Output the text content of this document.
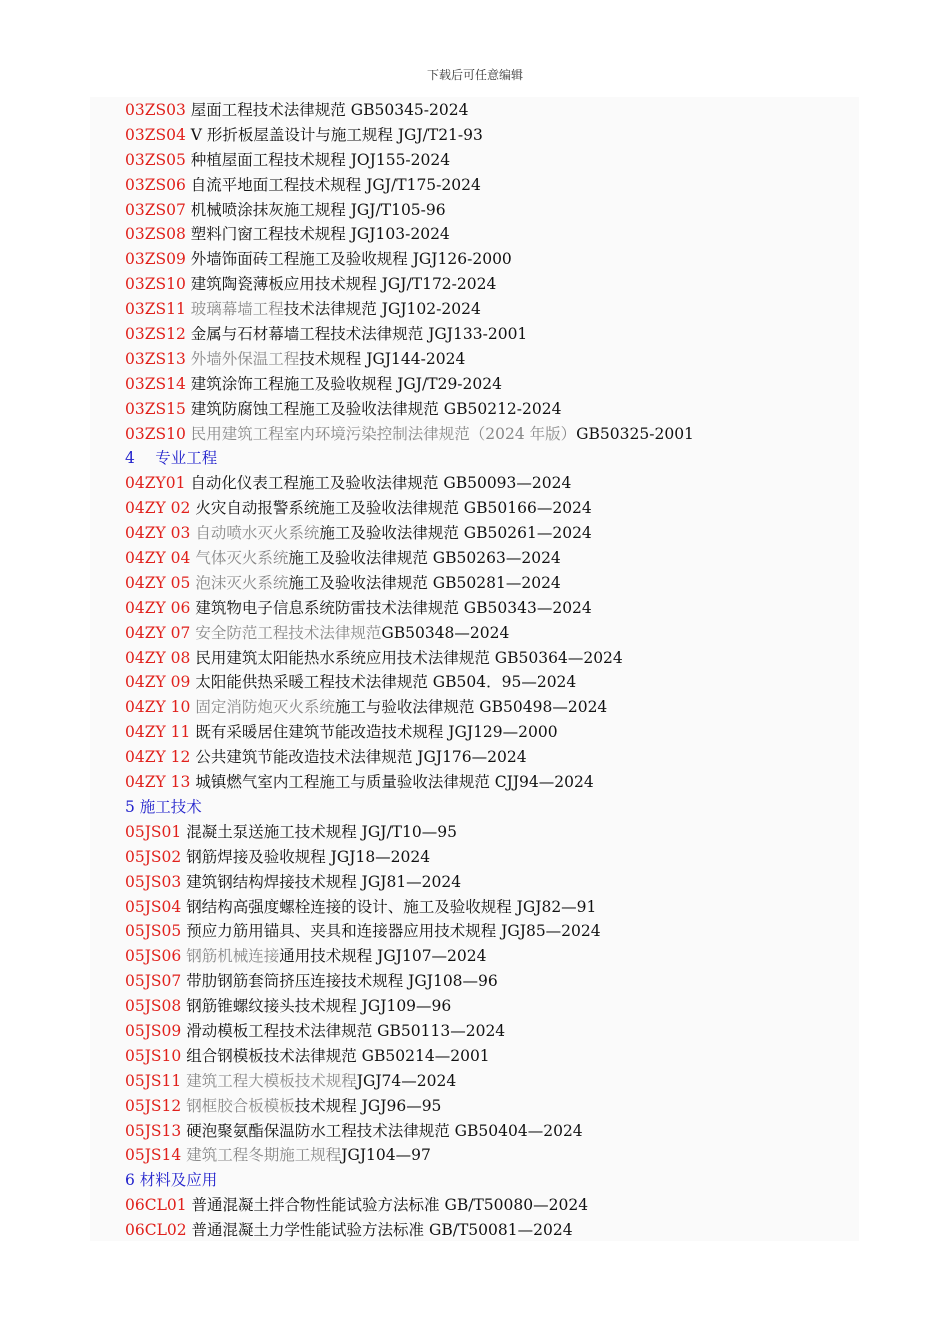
下载后可任意编辑
03ZS03 屋面工程技术法律规范 GB50345-2024
03ZS04 V 形折板屋盖设计与施工规程 JGJ/T21-93
03ZS05 种植屋面工程技术规程 JOJ155-2024
03ZS06 自流平地面工程技术规程 JGJ/T175-2024
03ZS07 机械喷涂抹灰施工规程 JGJ/T105-96
03ZS08 塑料门窗工程技术规程 JGJ103-2024
03ZS09 外墙饰面砖工程施工及验收规程 JGJ126-2000
03ZS10 建筑陶瓷薄板应用技术规程 JGJ/T172-2024
03ZS11 玻璃幕墙工程技术法律规范 JGJ102-2024
03ZS12 金属与石材幕墙工程技术法律规范 JGJ133-2001
03ZS13 外墙外保温工程技术规程 JGJ144-2024
03ZS14 建筑涂饰工程施工及验收规程 JGJ/T29-2024
03ZS15 建筑防腐蚀工程施工及验收法律规范 GB50212-2024
03ZS10 民用建筑工程室内环境污染控制法律规范（2024 年版）GB50325-2001
4　 专业工程
04ZY01 自动化仪表工程施工及验收法律规范 GB50093—2024
04ZY 02 火灾自动报警系统施工及验收法律规范 GB50166—2024
04ZY 03 自动喷水灭火系统施工及验收法律规范 GB50261—2024
04ZY 04 气体灭火系统施工及验收法律规范 GB50263—2024
04ZY 05 泡沫灭火系统施工及验收法律规范 GB50281—2024
04ZY 06 建筑物电子信息系统防雷技术法律规范 GB50343—2024
04ZY 07 安全防范工程技术法律规范GB50348—2024
04ZY 08 民用建筑太阳能热水系统应用技术法律规范 GB50364—2024
04ZY 09 太阳能供热采暖工程技术法律规范 GB504．95—2024
04ZY 10 固定消防炮灭火系统施工与验收法律规范 GB50498—2024
04ZY 11 既有采暖居住建筑节能改造技术规程 JGJ129—2000
04ZY 12 公共建筑节能改造技术法律规范 JGJ176—2024
04ZY 13 城镇燃气室内工程施工与质量验收法律规范 CJJ94—2024
5 施工技术
05JS01 混凝土泵送施工技术规程 JGJ/T10—95
05JS02 钢筋焊接及验收规程 JGJ18—2024
05JS03 建筑钢结构焊接技术规程 JGJ81—2024
05JS04 钢结构高强度螺栓连接的设计、施工及验收规程 JGJ82—91
05JS05 预应力筋用锚具、夹具和连接器应用技术规程 JGJ85—2024
05JS06 钢筋机械连接通用技术规程 JGJ107—2024
05JS07 带肋钢筋套筒挤压连接技术规程 JGJ108—96
05JS08 钢筋锥螺纹接头技术规程 JGJ109—96
05JS09 滑动模板工程技术法律规范 GB50113—2024
05JS10 组合钢模板技术法律规范 GB50214—2001
05JS11 建筑工程大模板技术规程JGJ74—2024
05JS12 钢框胶合板模板技术规程 JGJ96—95
05JS13 硬泡聚氨酯保温防水工程技术法律规范 GB50404—2024
05JS14 建筑工程冬期施工规程JGJ104—97
6 材料及应用
06CL01 普通混凝土拌合物性能试验方法标准 GB/T50080—2024
06CL02 普通混凝土力学性能试验方法标准 GB/T50081—2024
